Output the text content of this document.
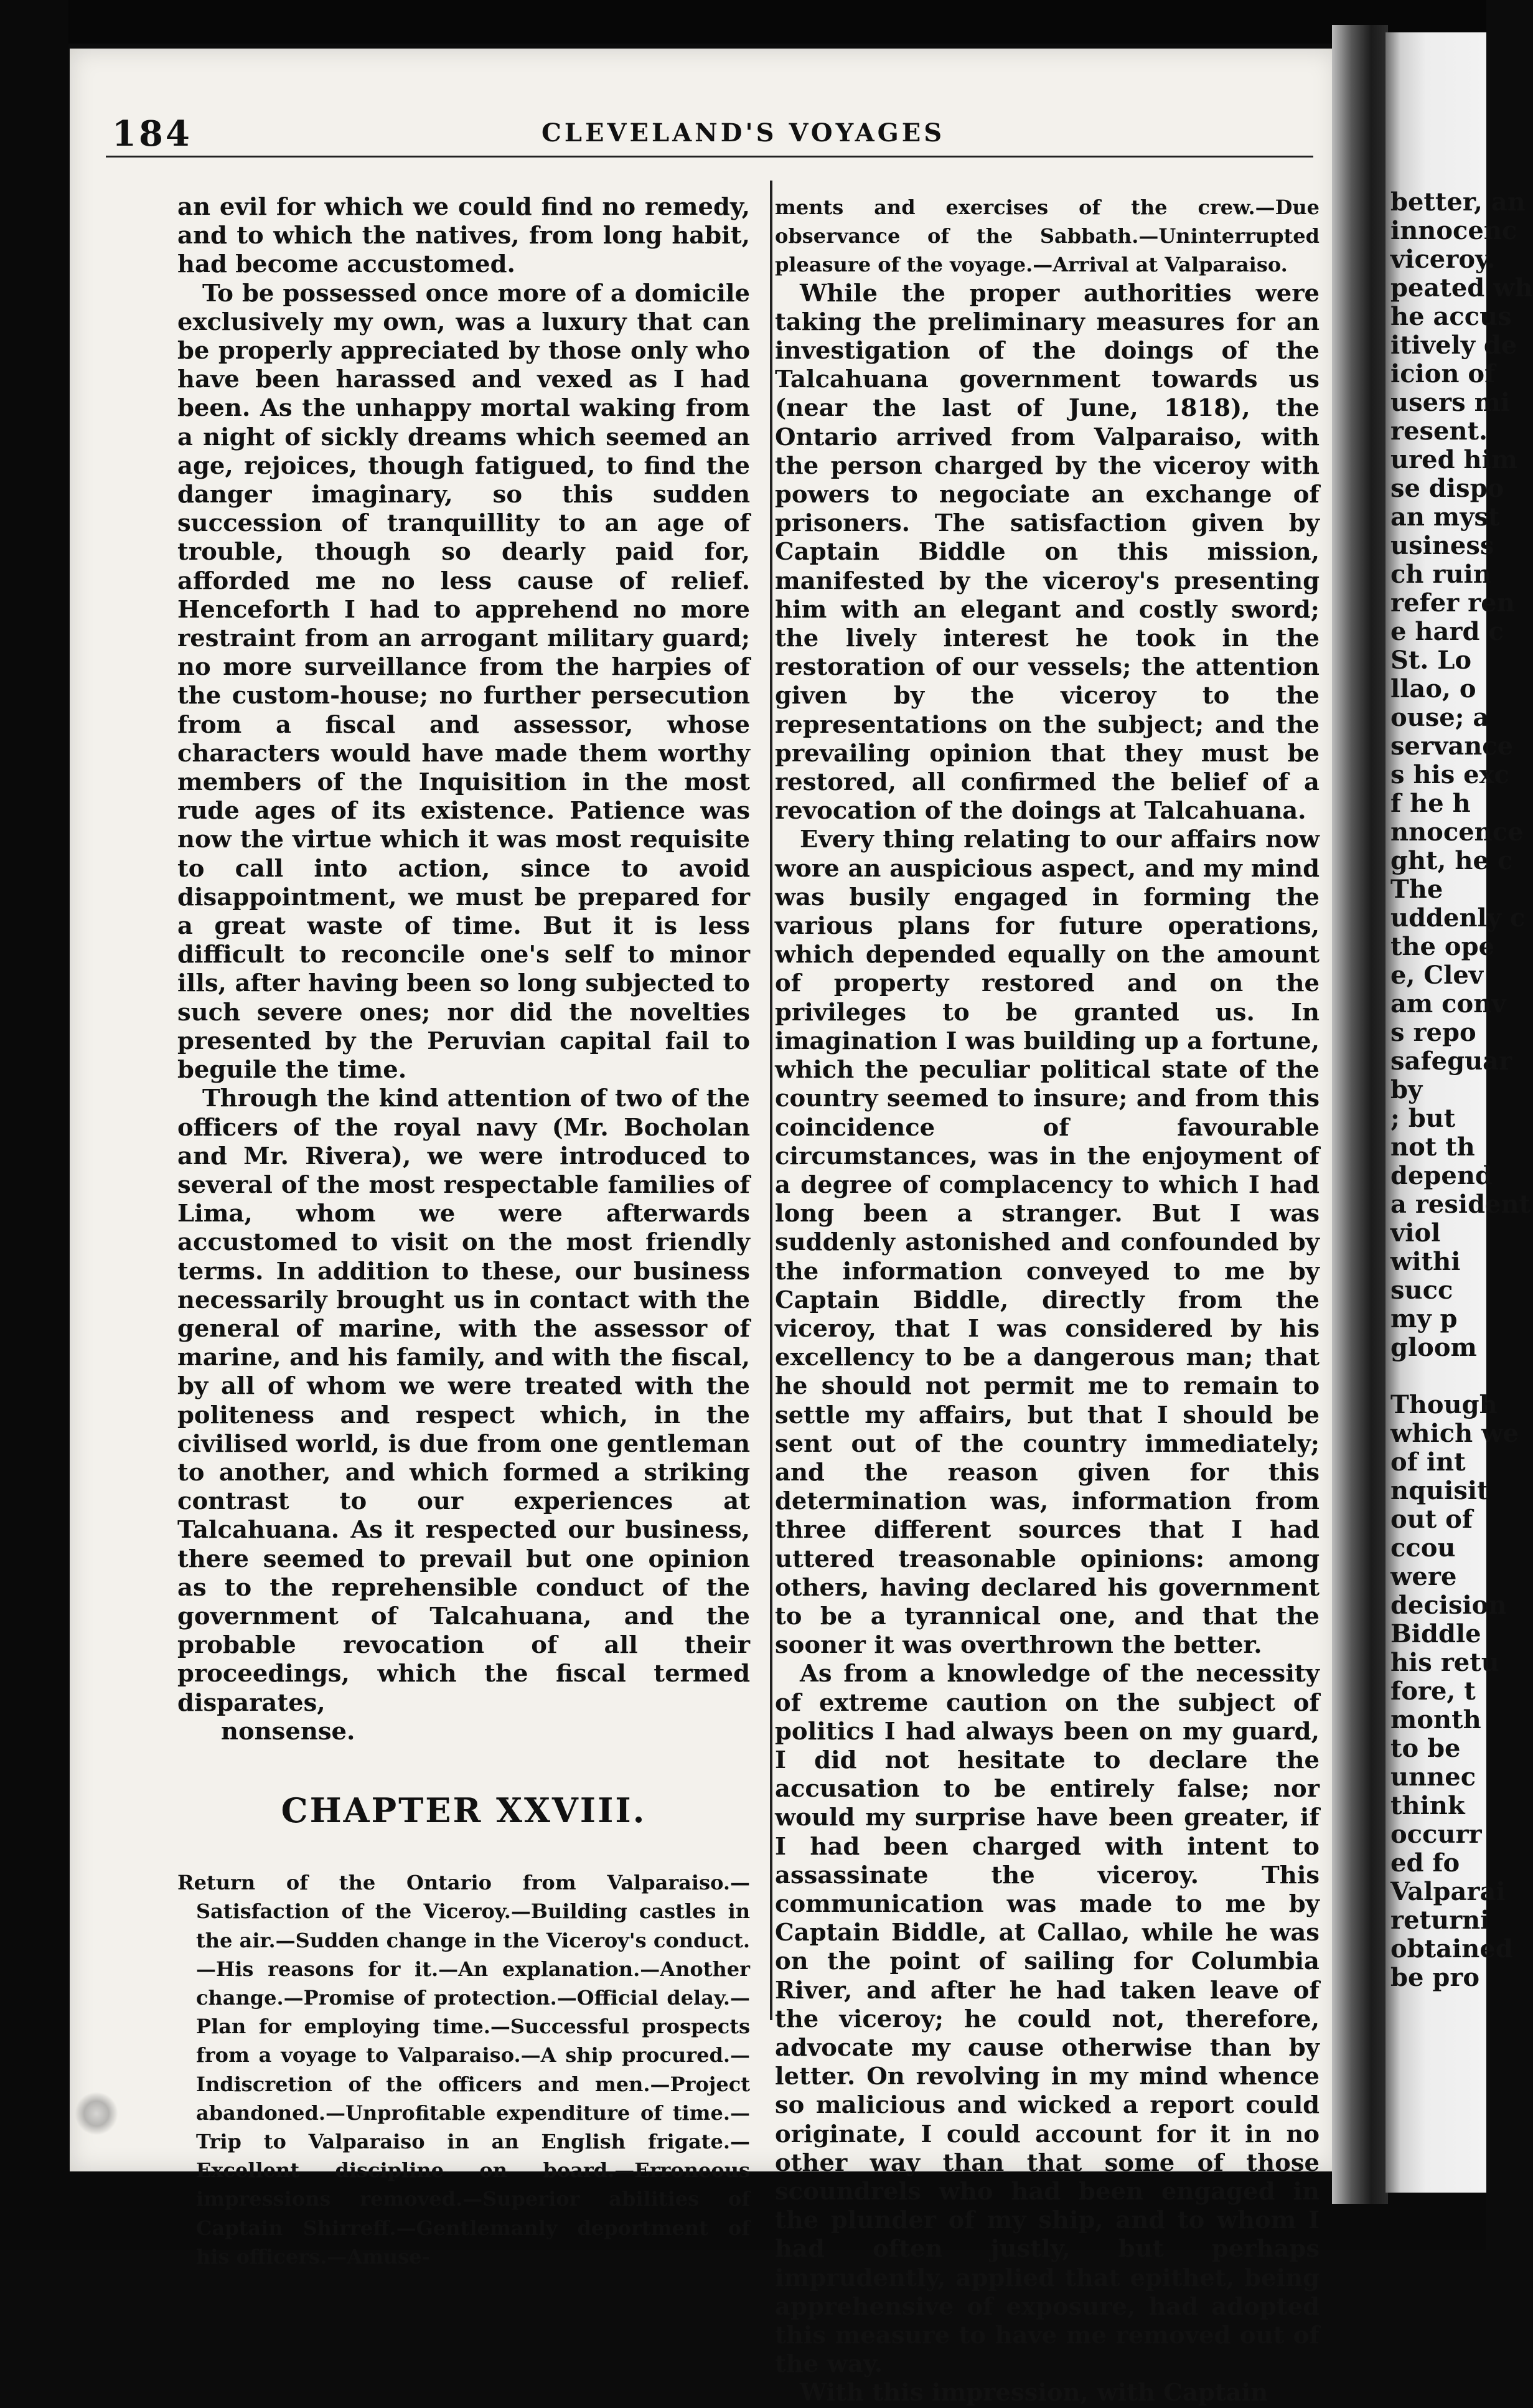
better, an
innocenc
viceroy.
peated wh
he accus
itively de
icion of
users mi
resent.
ured him
se dispo
an myst
usiness
ch ruin
refer ren
e hard c
St. Lo
llao, o
ouse; a
servance
s his exc
f he h
nnocence
ght, he c
The
uddenly c
the ope
e, Clev
am conv
s repo
safeguar
by
; but
not th
depend
a resident
viol
withi
succ
my p
gloom
Though
which we
of int
nquisit
out of
ccou
were
decision
Biddle
his retu
fore, t
month
to be
unnec
think
occurr
ed fo
Valparai
returni
obtained
be pro
184	CLEVELAND'S VOYAGES

an evil for which we could find no remedy, and to which the natives, from long habit, had become accustomed.

To be possessed once more of a domicile exclusively my own, was a luxury that can be properly appreciated by those only who have been harassed and vexed as I had been. As the unhappy mortal waking from a night of sickly dreams which seemed an age, rejoices, though fatigued, to find the danger imaginary, so this sudden succession of tranquillity to an age of trouble, though so dearly paid for, afforded me no less cause of relief. Henceforth I had to apprehend no more restraint from an arrogant military guard; no more surveillance from the harpies of the custom-house; no further persecution from a fiscal and assessor, whose characters would have made them worthy members of the Inquisition in the most rude ages of its existence. Patience was now the virtue which it was most requisite to call into action, since to avoid disappointment, we must be prepared for a great waste of time. But it is less difficult to reconcile one's self to minor ills, after having been so long subjected to such severe ones; nor did the novelties presented by the Peruvian capital fail to beguile the time.

Through the kind attention of two of the officers of the royal navy (Mr. Bocholan and Mr. Rivera), we were introduced to several of the most respectable families of Lima, whom we were afterwards accustomed to visit on the most friendly terms. In addition to these, our business necessarily brought us in contact with the general of marine, with the assessor of marine, and his family, and with the fiscal, by all of whom we were treated with the politeness and respect which, in the civilised world, is due from one gentleman to another, and which formed a striking contrast to our experiences at Talcahuana. As it respected our business, there seemed to prevail but one opinion as to the reprehensible conduct of the government of Talcahuana, and the probable revocation of all their proceedings, which the fiscal termed disparates,

nonsense.

CHAPTER XXVIII.

Return of the Ontario from Valparaiso.—Satisfaction of the Viceroy.—Building castles in the air.—Sudden change in the Viceroy's conduct.—His reasons for it.—An explanation.—Another change.—Promise of protection.—Official delay.—Plan for employing time.—Successful prospects from a voyage to Valparaiso.—A ship procured.—Indiscretion of the officers and men.—Project abandoned.—Unprofitable expenditure of time.—Trip to Valparaiso in an English frigate.—Excellent discipline on board.—Erroneous impressions removed.—Superior abilities of Captain Shirreff.—Gentlemanly deportment of his officers.—Amuse-

ments and exercises of the crew.—Due observance of the Sabbath.—Uninterrupted pleasure of the voyage.—Arrival at Valparaiso.

While the proper authorities were taking the preliminary measures for an investigation of the doings of the Talcahuana government towards us (near the last of June, 1818), the Ontario arrived from Valparaiso, with the person charged by the viceroy with powers to negociate an exchange of prisoners. The satisfaction given by Captain Biddle on this mission, manifested by the viceroy's presenting him with an elegant and costly sword; the lively interest he took in the restoration of our vessels; the attention given by the viceroy to the representations on the subject; and the prevailing opinion that they must be restored, all confirmed the belief of a revocation of the doings at Talcahuana.

Every thing relating to our affairs now wore an auspicious aspect, and my mind was busily engaged in forming the various plans for future operations, which depended equally on the amount of property restored and on the privileges to be granted us. In imagination I was building up a fortune, which the peculiar political state of the country seemed to insure; and from this coincidence of favourable circumstances, was in the enjoyment of a degree of complacency to which I had long been a stranger. But I was suddenly astonished and confounded by the information conveyed to me by Captain Biddle, directly from the viceroy, that I was considered by his excellency to be a dangerous man; that he should not permit me to remain to settle my affairs, but that I should be sent out of the country immediately; and the reason given for this determination was, information from three different sources that I had uttered treasonable opinions: among others, having declared his government to be a tyrannical one, and that the sooner it was overthrown the better.

As from a knowledge of the necessity of extreme caution on the subject of politics I had always been on my guard, I did not hesitate to declare the accusation to be entirely false; nor would my surprise have been greater, if I had been charged with intent to assassinate the viceroy. This communication was made to me by Captain Biddle, at Callao, while he was on the point of sailing for Columbia River, and after he had taken leave of the viceroy; he could not, therefore, advocate my cause otherwise than by letter. On revolving in my mind whence so malicious and wicked a report could originate, I could account for it in no other way than that some of those scoundrels who had been engaged in the plunder of my ship, and to whom I had often justly, but perhaps imprudently, applied that epithet, being apprehensive of exposure, had adopted this measure to have me removed out of the way.

With this impression, with Captain
